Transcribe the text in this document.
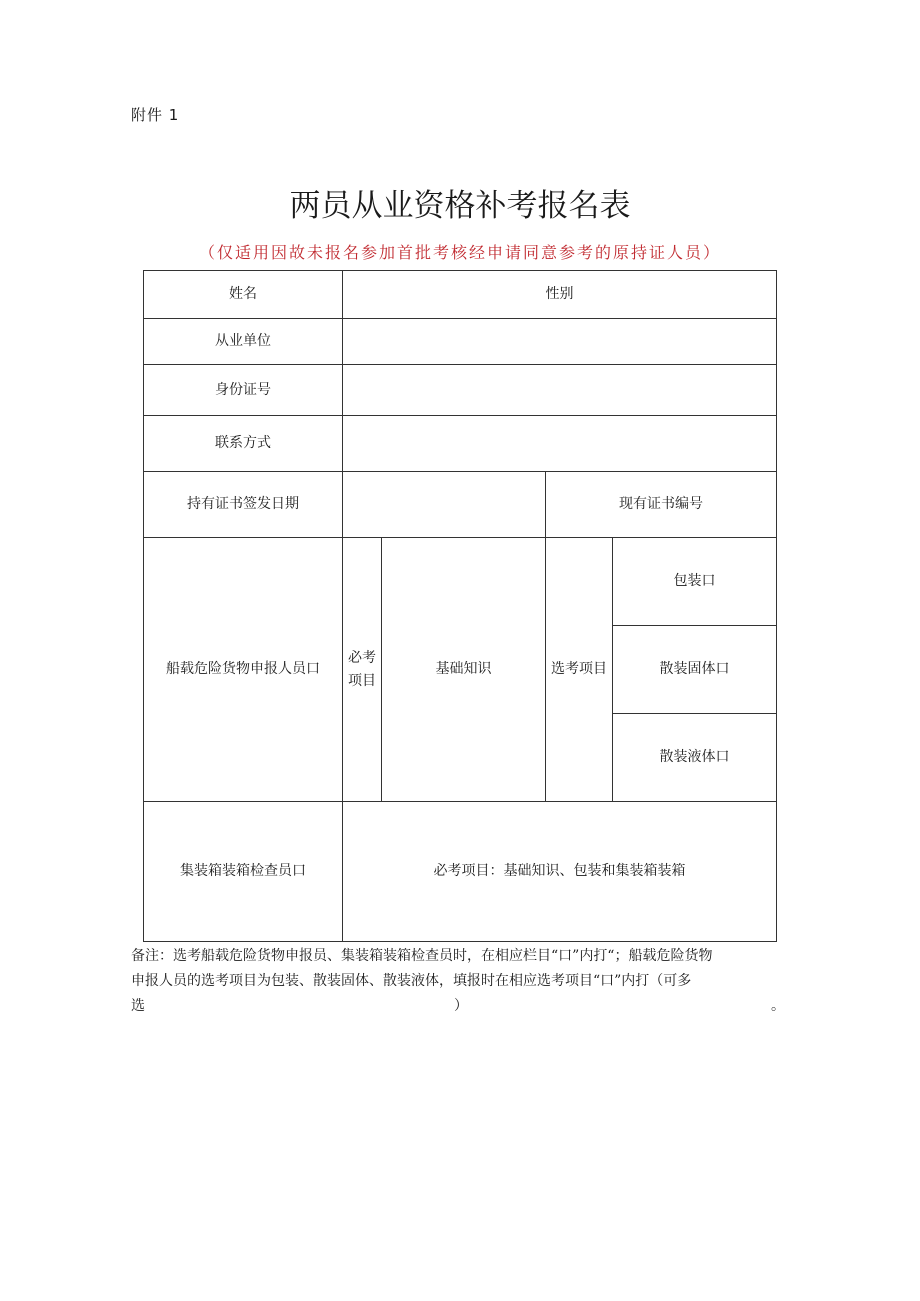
附件 1
两员从业资格补考报名表
（仅适用因故未报名参加首批考核经申请同意参考的原持证人员）
姓名	性别			
从业单位				
身份证号				
联系方式				
持有证书签发日期			现有证书编号	
船载危险货物申报人员口	必考项目	基础知识	选考项目	包装口
				散装固体口
				散装液体口
集装箱装箱检查员口	必考项目：基础知识、包装和集装箱装箱			
备注：选考船载危险货物申报员、集装箱装箱检查员时，在相应栏目“口”内打“；船载危险货物
申报人员的选考项目为包装、散装固体、散装液体，填报时在相应选考项目“口”内打（可多
选	）	。
